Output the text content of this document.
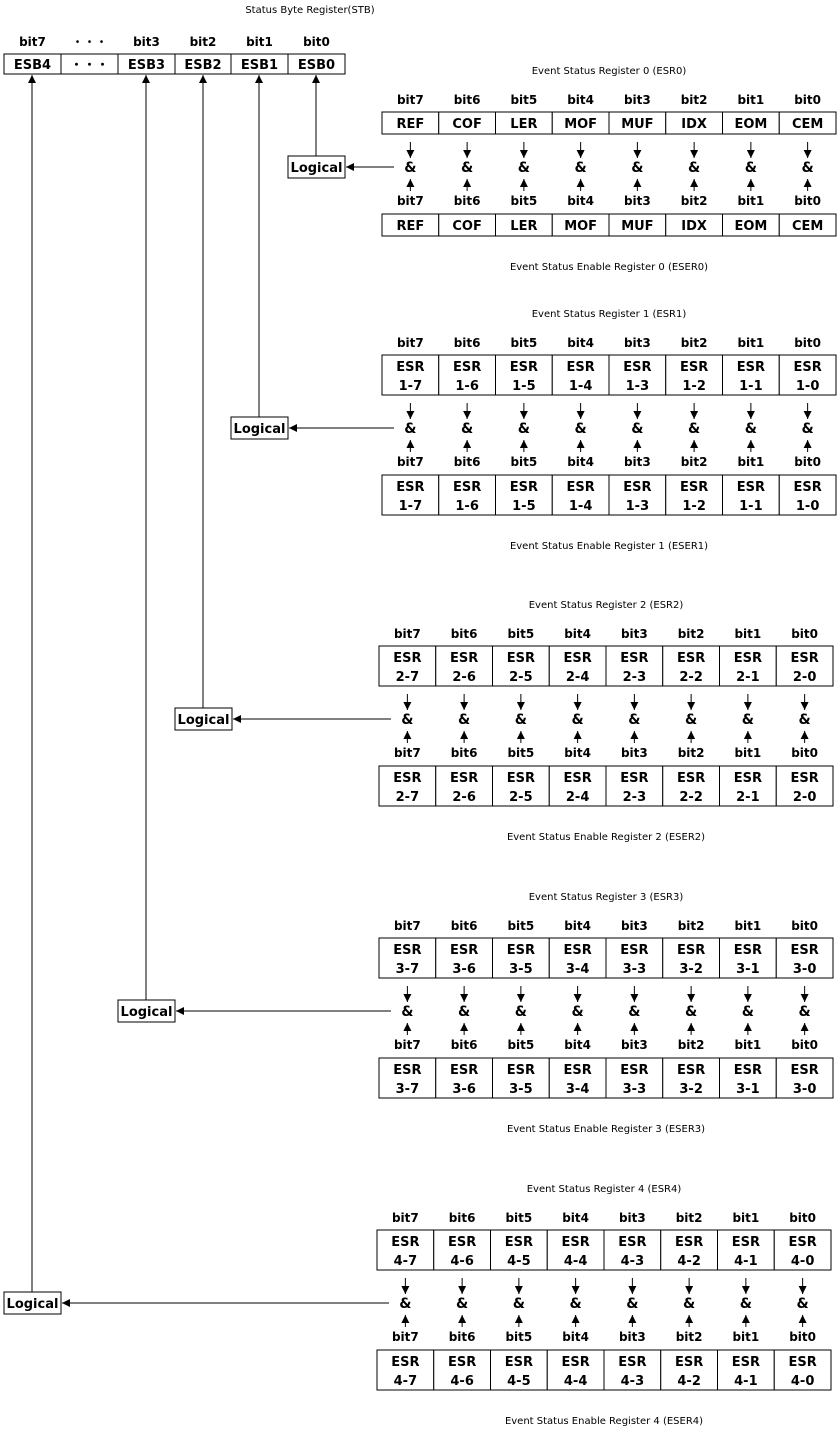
Status Byte Register(STB)
bit7
ESB4
・・・
・・・
bit3
ESB3
bit2
ESB2
bit1
ESB1
bit0
ESB0	Event Status Register 0 (ESR0)
Event Status Enable Register 0 (ESER0)
bit7
REF
&
bit7
REF
bit6
COF
&
bit6
COF
bit5
LER
&
bit5
LER
bit4
MOF
&
bit4
MOF
bit3
MUF
&
bit3
MUF
bit2
IDX
&
bit2
IDX
bit1
EOM
&
bit1
EOM
bit0
CEM
&
bit0
CEM
Logical
Event Status Register 1 (ESR1)
Event Status Enable Register 1 (ESER1)
bit7
ESR
1-7
&
bit7
ESR
1-7
bit6
ESR
1-6
&
bit6
ESR
1-6
bit5
ESR
1-5
&
bit5
ESR
1-5
bit4
ESR
1-4
&
bit4
ESR
1-4
bit3
ESR
1-3
&
bit3
ESR
1-3
bit2
ESR
1-2
&
bit2
ESR
1-2
bit1
ESR
1-1
&
bit1
ESR
1-1
bit0
ESR
1-0
&
bit0
ESR
1-0
Logical
Event Status Register 2 (ESR2)
Event Status Enable Register 2 (ESER2)
bit7
ESR
2-7
&
bit7
ESR
2-7
bit6
ESR
2-6
&
bit6
ESR
2-6
bit5
ESR
2-5
&
bit5
ESR
2-5
bit4
ESR
2-4
&
bit4
ESR
2-4
bit3
ESR
2-3
&
bit3
ESR
2-3
bit2
ESR
2-2
&
bit2
ESR
2-2
bit1
ESR
2-1
&
bit1
ESR
2-1
bit0
ESR
2-0
&
bit0
ESR
2-0
Logical
Event Status Register 3 (ESR3)
Event Status Enable Register 3 (ESER3)
bit7
ESR
3-7
&
bit7
ESR
3-7
bit6
ESR
3-6
&
bit6
ESR
3-6
bit5
ESR
3-5
&
bit5
ESR
3-5
bit4
ESR
3-4
&
bit4
ESR
3-4
bit3
ESR
3-3
&
bit3
ESR
3-3
bit2
ESR
3-2
&
bit2
ESR
3-2
bit1
ESR
3-1
&
bit1
ESR
3-1
bit0
ESR
3-0
&
bit0
ESR
3-0
Logical
Event Status Register 4 (ESR4)
Event Status Enable Register 4 (ESER4)
bit7
ESR
4-7
&
bit7
ESR
4-7
bit6
ESR
4-6
&
bit6
ESR
4-6
bit5
ESR
4-5
&
bit5
ESR
4-5
bit4
ESR
4-4
&
bit4
ESR
4-4
bit3
ESR
4-3
&
bit3
ESR
4-3
bit2
ESR
4-2
&
bit2
ESR
4-2
bit1
ESR
4-1
&
bit1
ESR
4-1
bit0
ESR
4-0
&
bit0
ESR
4-0
Logical
